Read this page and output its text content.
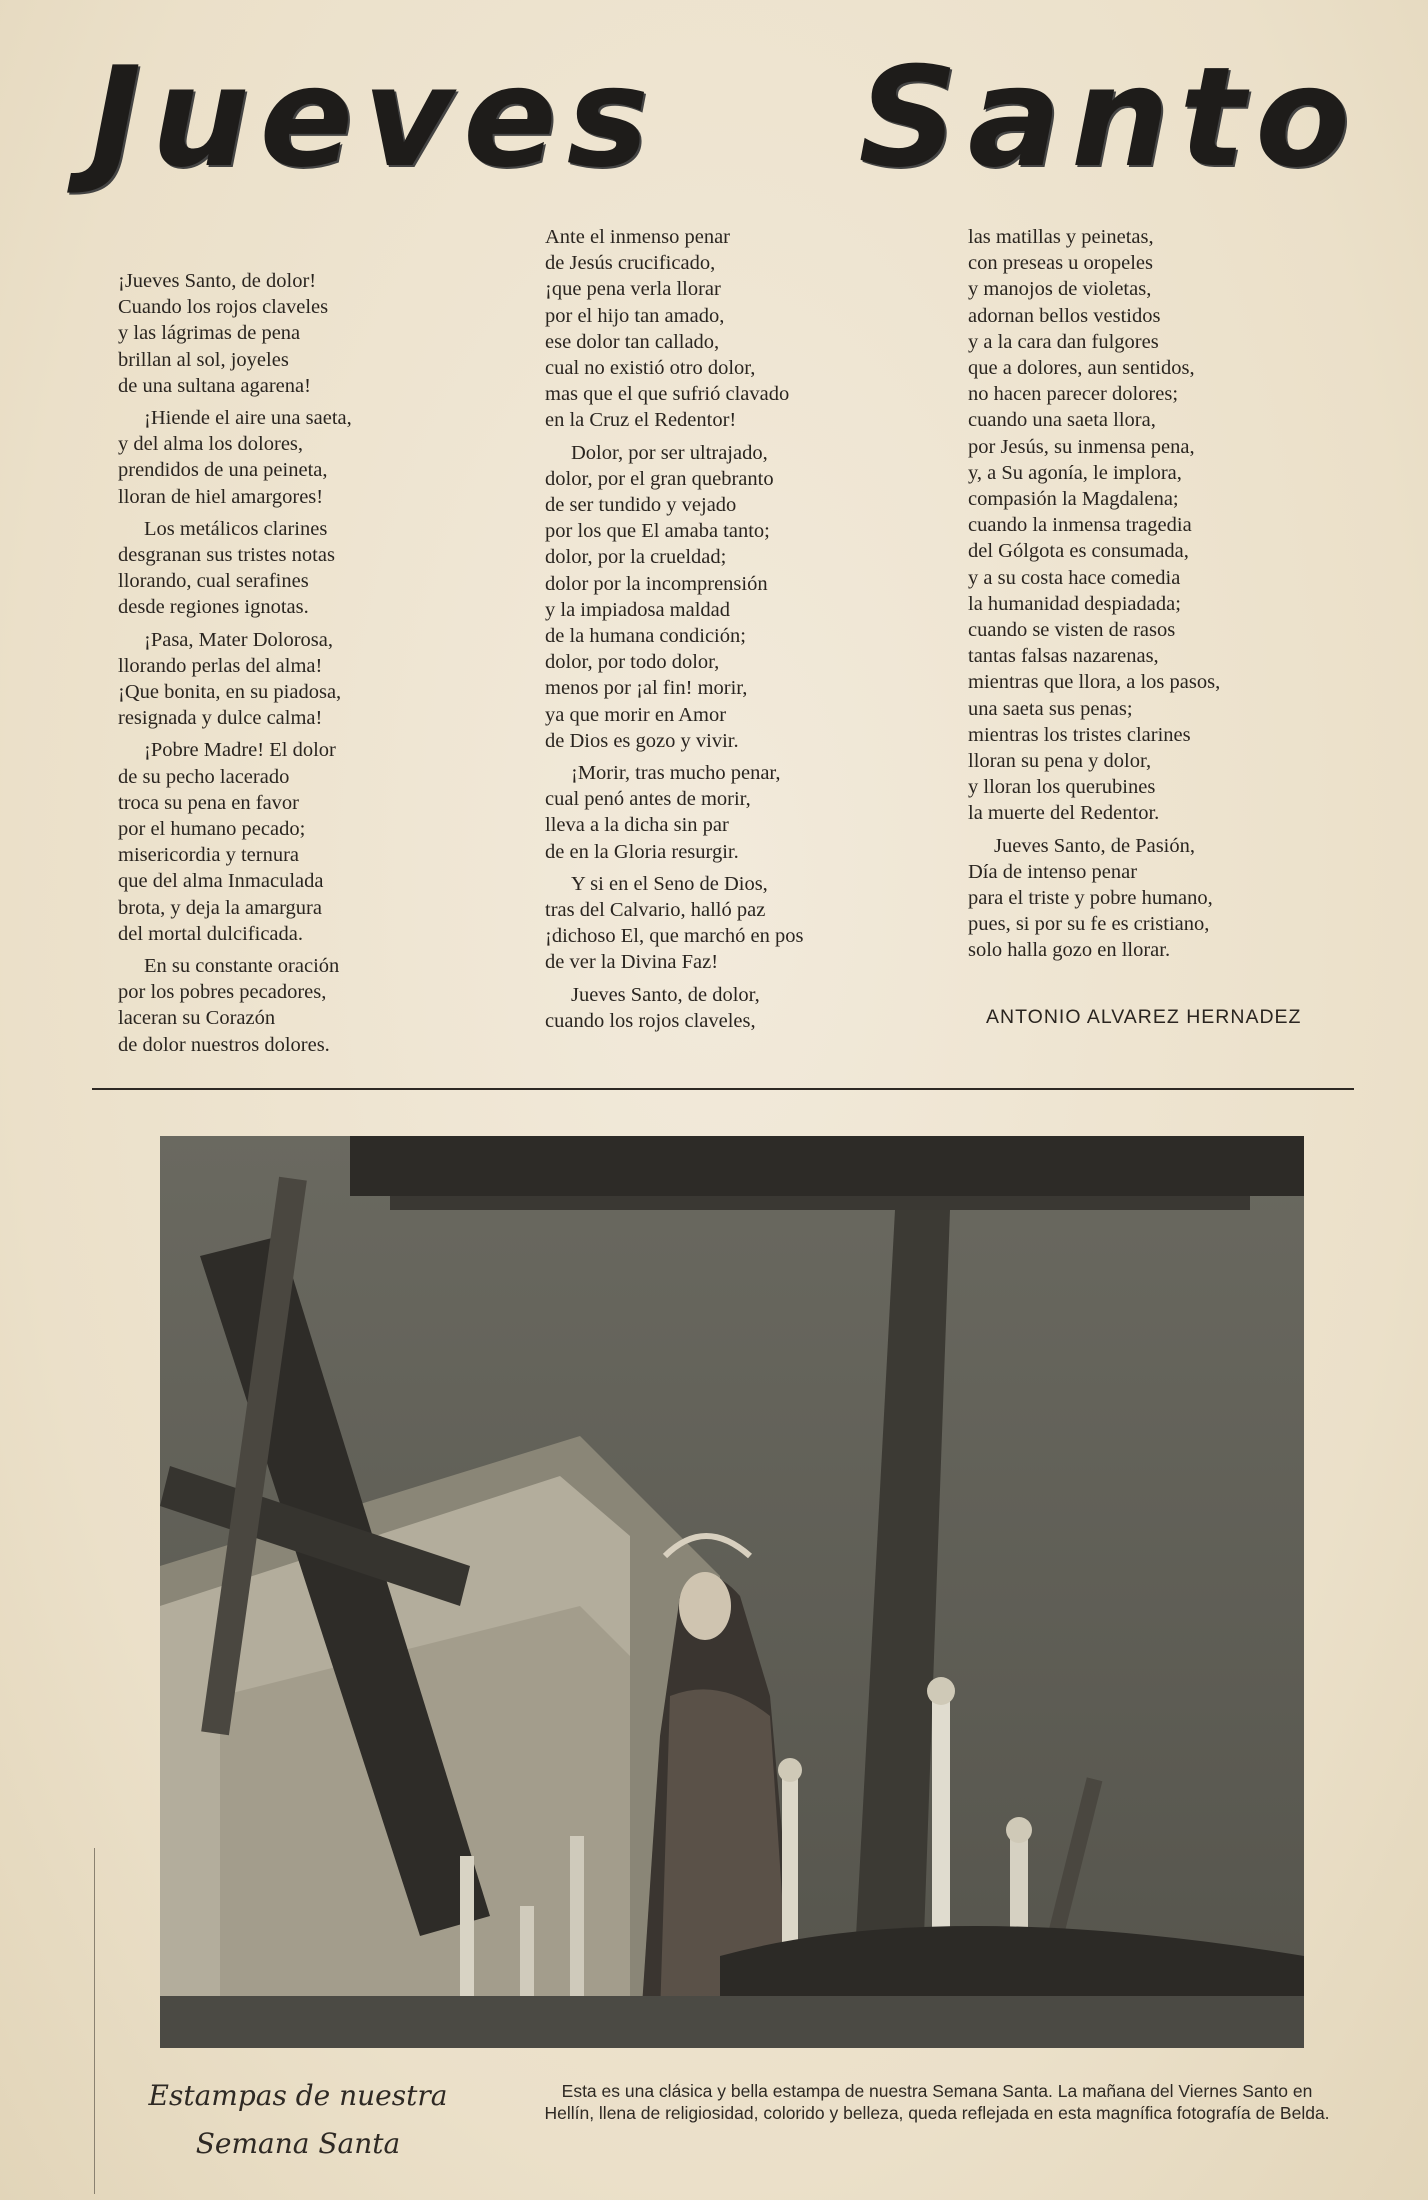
Jueves Santo

¡Jueves Santo, de dolor!
Cuando los rojos claveles
y las lágrimas de pena
brillan al sol, joyeles
de una sultana agarena!

¡Hiende el aire una saeta,
y del alma los dolores,
prendidos de una peineta,
lloran de hiel amargores!

Los metálicos clarines
desgranan sus tristes notas
llorando, cual serafines
desde regiones ignotas.

¡Pasa, Mater Dolorosa,
llorando perlas del alma!
¡Que bonita, en su piadosa,
resignada y dulce calma!

¡Pobre Madre! El dolor
de su pecho lacerado
troca su pena en favor
por el humano pecado;
misericordia y ternura
que del alma Inmaculada
brota, y deja la amargura
del mortal dulcificada.

En su constante oración
por los pobres pecadores,
laceran su Corazón
de dolor nuestros dolores.

Ante el inmenso penar
de Jesús crucificado,
¡que pena verla llorar
por el hijo tan amado,
ese dolor tan callado,
cual no existió otro dolor,
mas que el que sufrió clavado
en la Cruz el Redentor!

Dolor, por ser ultrajado,
dolor, por el gran quebranto
de ser tundido y vejado
por los que El amaba tanto;
dolor, por la crueldad;
dolor por la incomprensión
y la impiadosa maldad
de la humana condición;
dolor, por todo dolor,
menos por ¡al fin! morir,
ya que morir en Amor
de Dios es gozo y vivir.

¡Morir, tras mucho penar,
cual penó antes de morir,
lleva a la dicha sin par
de en la Gloria resurgir.

Y si en el Seno de Dios,
tras del Calvario, halló paz
¡dichoso El, que marchó en pos
de ver la Divina Faz!

Jueves Santo, de dolor,
cuando los rojos claveles,

las matillas y peinetas,
con preseas u oropeles
y manojos de violetas,
adornan bellos vestidos
y a la cara dan fulgores
que a dolores, aun sentidos,
no hacen parecer dolores;
cuando una saeta llora,
por Jesús, su inmensa pena,
y, a Su agonía, le implora,
compasión la Magdalena;
cuando la inmensa tragedia
del Gólgota es consumada,
y a su costa hace comedia
la humanidad despiadada;
cuando se visten de rasos
tantas falsas nazarenas,
mientras que llora, a los pasos,
una saeta sus penas;
mientras los tristes clarines
lloran su pena y dolor,
y lloran los querubines
la muerte del Redentor.

Jueves Santo, de Pasión,
Día de intenso penar
para el triste y pobre humano,
pues, si por su fe es cristiano,
solo halla gozo en llorar.

ANTONIO ALVAREZ HERNADEZ
Estampas de nuestra
Semana Santa
Esta es una clásica y bella estampa de nuestra Semana Santa. La mañana del Viernes Santo en Hellín, llena de religiosidad, colorido y belleza, queda reflejada en esta magnífica fotografía de Belda.
